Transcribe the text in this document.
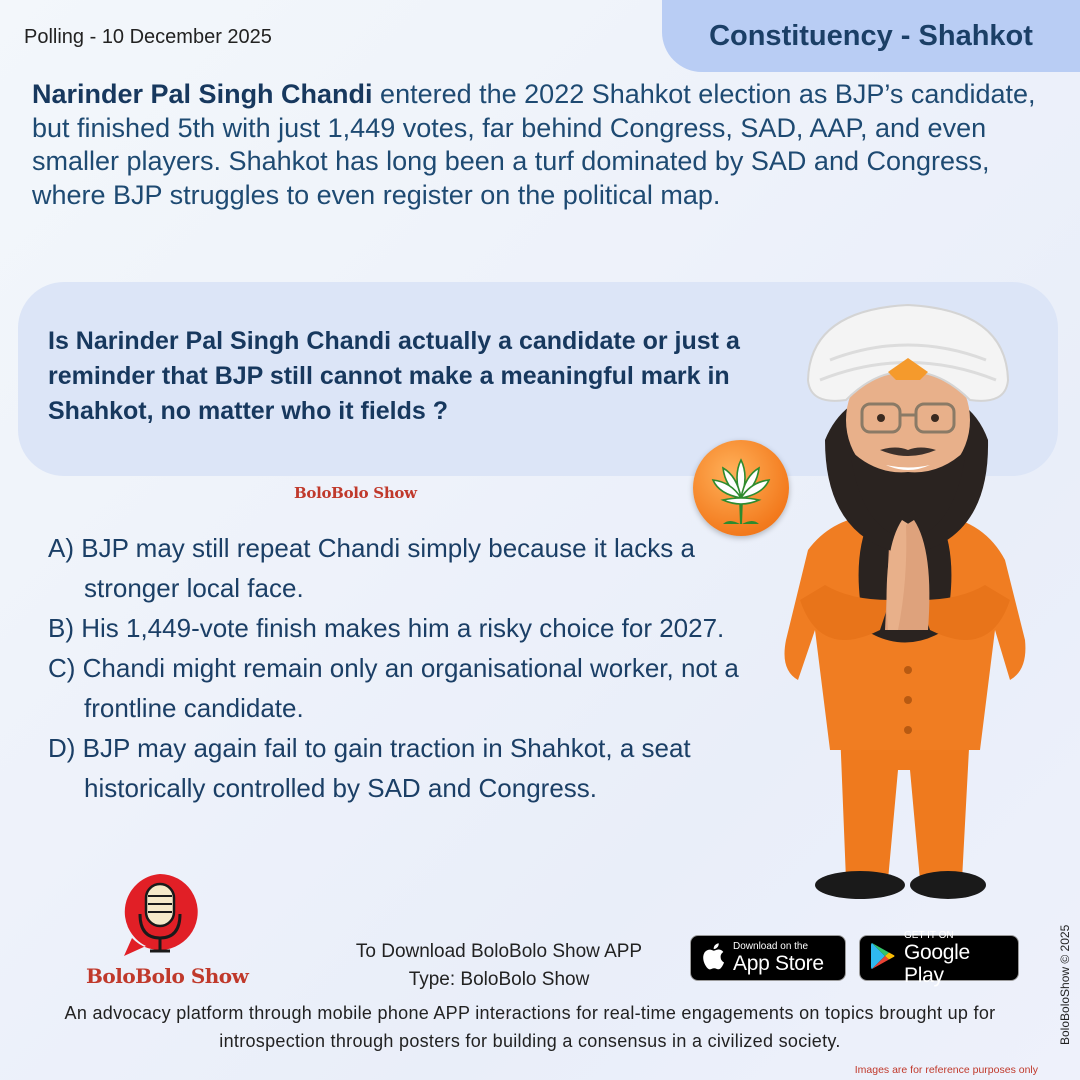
Polling - 10 December 2025	Constituency - Shahkot

Narinder Pal Singh Chandi entered the 2022 Shahkot election as BJP’s candidate, but finished 5th with just 1,449 votes, far behind Congress, SAD, AAP, and even smaller players. Shahkot has long been a turf dominated by SAD and Congress, where BJP struggles to even register on the political map.

Is Narinder Pal Singh Chandi actually a candidate or just a reminder that BJP still cannot make a meaningful mark in Shahkot, no matter who it fields ?

BoloBolo Show
A) BJP may still repeat Chandi simply because it lacks a stronger local face.
B) His 1,449-vote finish makes him a risky choice for 2027.
C) Chandi might remain only an organisational worker, not a frontline candidate.
D) BJP may again fail to gain traction in Shahkot, a seat historically controlled by SAD and Congress.
BoloBolo Show
To Download BoloBolo Show APP
Type: BoloBolo Show
Download on the
App Store
GET IT ON
Google Play

An advocacy platform through mobile phone APP interactions for real-time engagements on topics brought up for introspection through posters for building a consensus in a civilized society.	BoloBoloShow © 2025
Images are for reference purposes only
